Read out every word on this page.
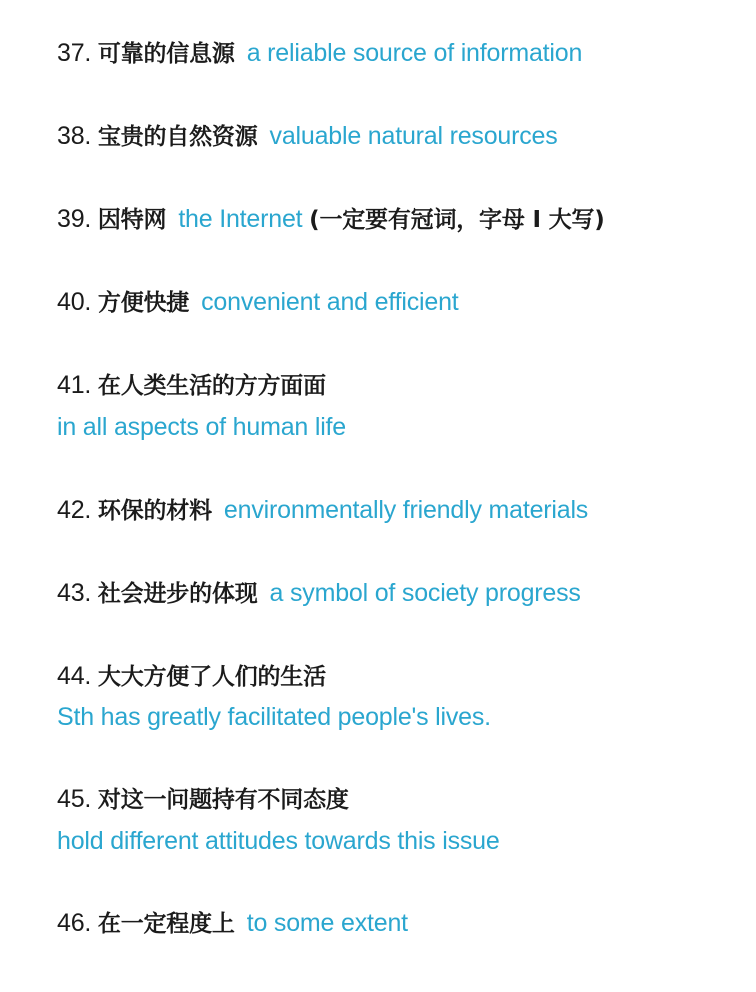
37. 可靠的信息源 a reliable source of information
38. 宝贵的自然资源 valuable natural resources
39. 因特网 the Internet (一定要有冠词，字母 I 大写)
40. 方便快捷 convenient and efficient
41. 在人类生活的方方面面
in all aspects of human life
42. 环保的材料 environmentally friendly materials
43. 社会进步的体现 a symbol of society progress
44. 大大方便了人们的生活
Sth has greatly facilitated people's lives.
45. 对这一问题持有不同态度
hold different attitudes towards this issue
46. 在一定程度上 to some extent
